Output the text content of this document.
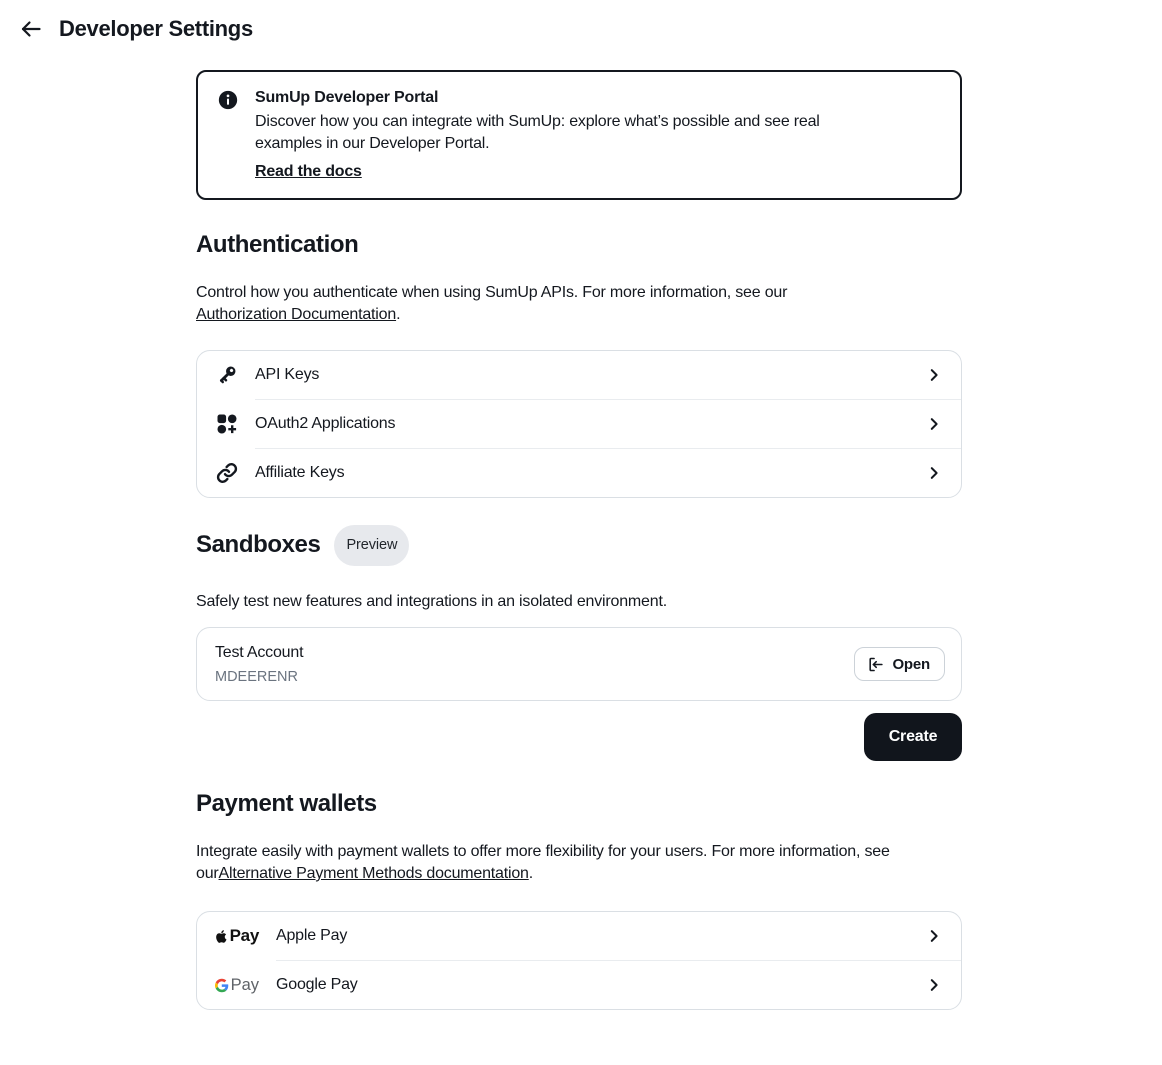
Developer Settings
SumUp Developer Portal
Discover how you can integrate with SumUp: explore what’s possible and see real examples in our Developer Portal.
Read the docs
Authentication

Control how you authenticate when using SumUp APIs. For more information, see our Authorization Documentation.

API Keys
OAuth2 Applications
Affiliate Keys
Sandboxes Preview

Safely test new features and integrations in an isolated environment.

Test Account
MDEERENR
Open
Create
Payment wallets

Integrate easily with payment wallets to offer more flexibility for your users. For more information, see ourAlternative Payment Methods documentation.

Pay Apple Pay
Pay Google Pay
